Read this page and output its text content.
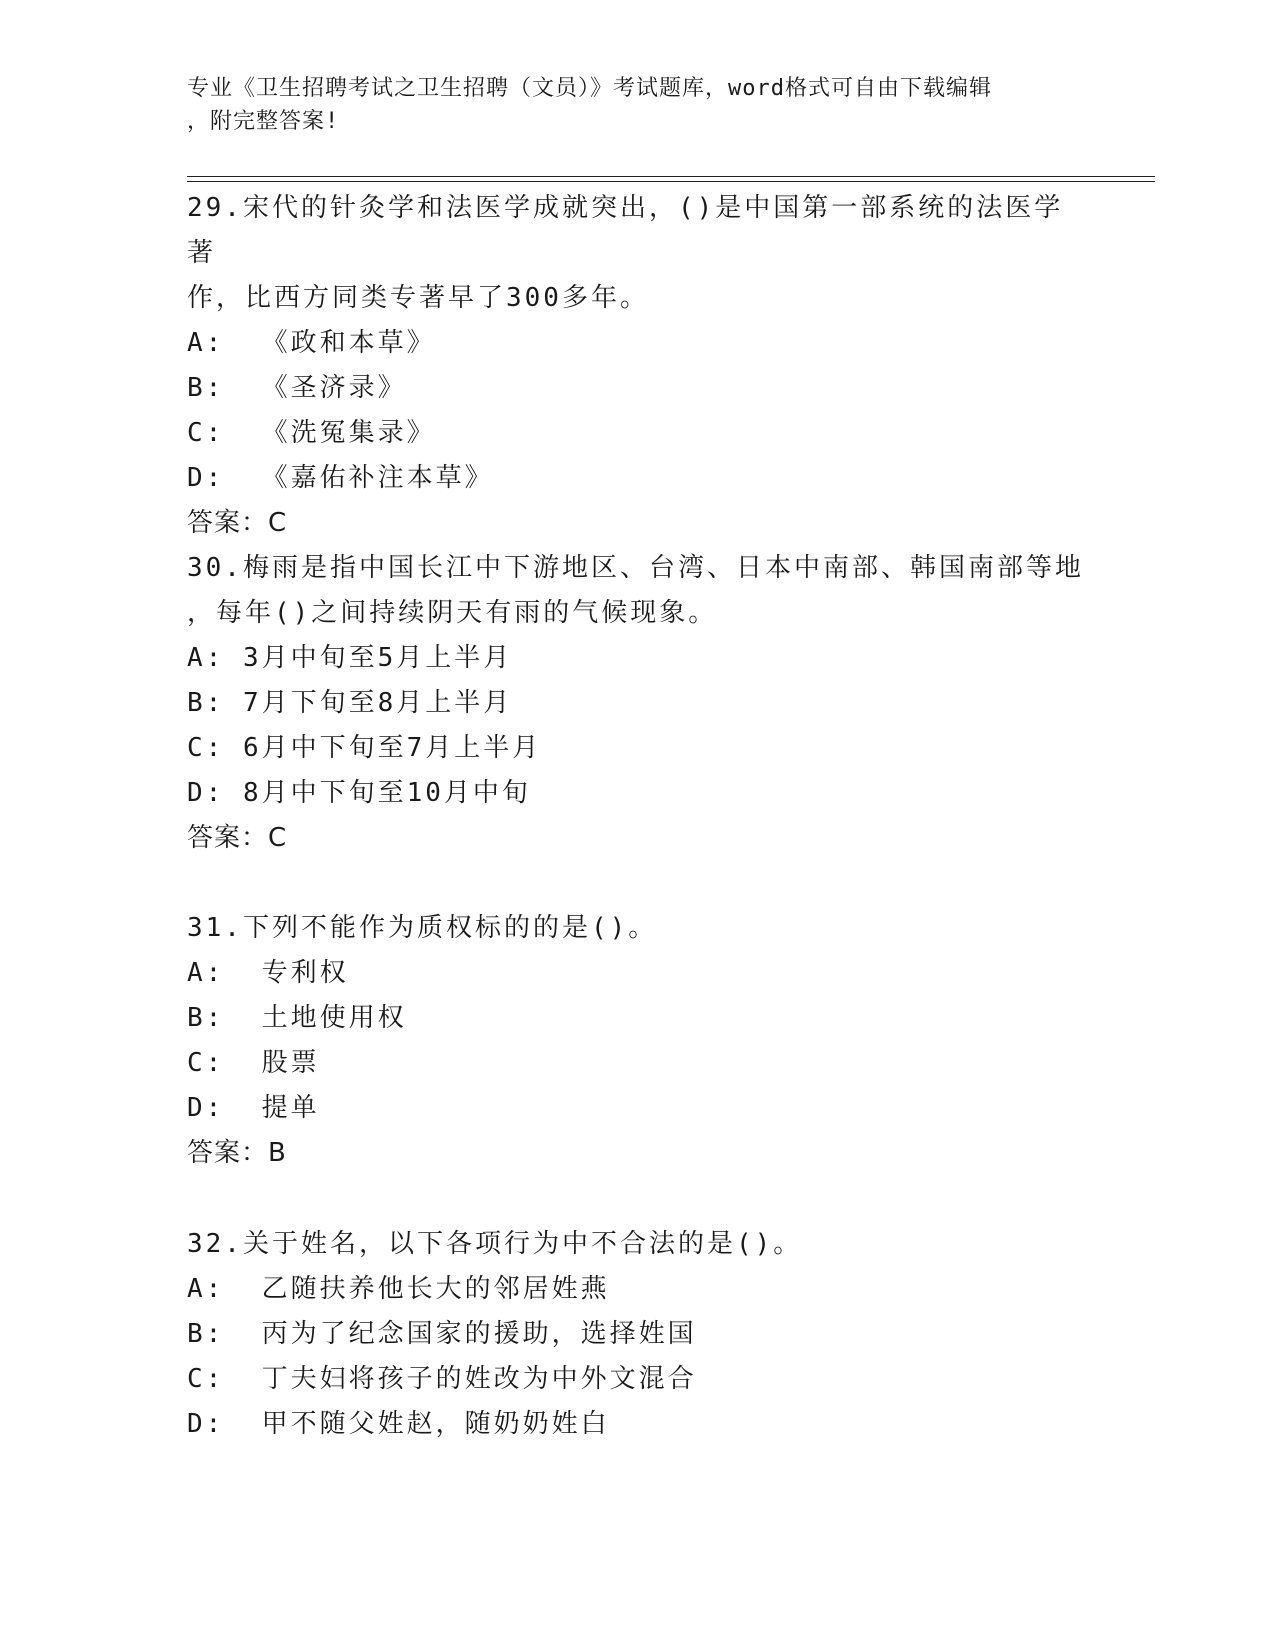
专业《卫生招聘考试之卫生招聘（文员）》考试题库，word格式可自由下载编辑
，附完整答案!
29.宋代的针灸学和法医学成就突出，()是中国第一部系统的法医学著
作，比西方同类专著早了300多年。
A:  《政和本草》
B:  《圣济录》
C:  《洗冤集录》
D:  《嘉佑补注本草》
答案：C
30.梅雨是指中国长江中下游地区、台湾、日本中南部、韩国南部等地
，每年()之间持续阴天有雨的气候现象。
A: 3月中旬至5月上半月
B: 7月下旬至8月上半月
C: 6月中下旬至7月上半月
D: 8月中下旬至10月中旬
答案：C
31.下列不能作为质权标的的是()。
A:  专利权
B:  土地使用权
C:  股票
D:  提单
答案：B
32.关于姓名，以下各项行为中不合法的是()。
A:  乙随扶养他长大的邻居姓燕
B:  丙为了纪念国家的援助，选择姓国
C:  丁夫妇将孩子的姓改为中外文混合
D:  甲不随父姓赵，随奶奶姓白
